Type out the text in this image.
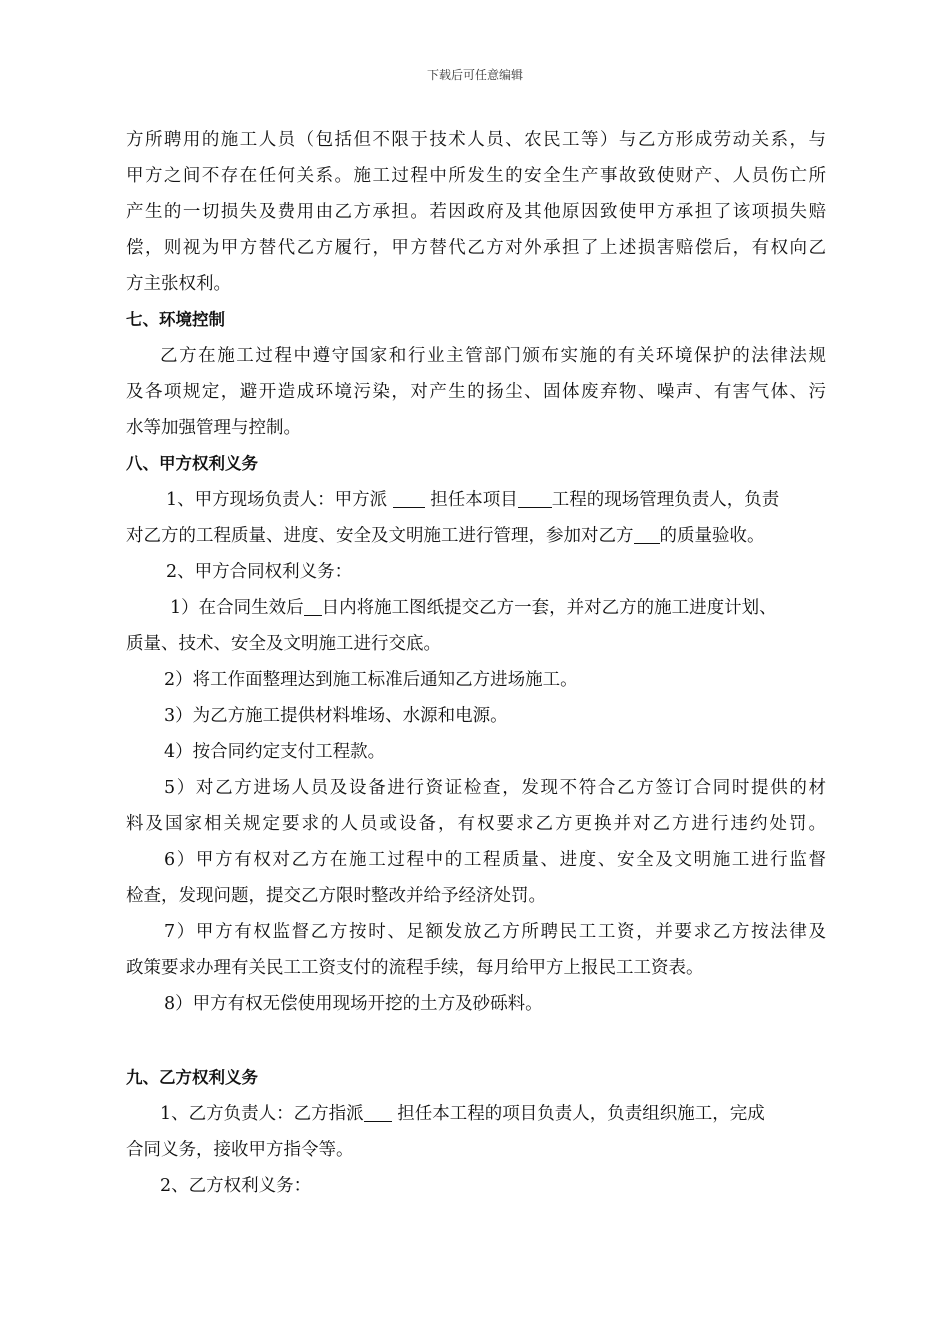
下载后可任意编辑
方所聘用的施工人员（包括但不限于技术人员、农民工等）与乙方形成劳动关系，与
甲方之间不存在任何关系。施工过程中所发生的安全生产事故致使财产、人员伤亡所
产生的一切损失及费用由乙方承担。若因政府及其他原因致使甲方承担了该项损失赔
偿，则视为甲方替代乙方履行，甲方替代乙方对外承担了上述损害赔偿后，有权向乙
方主张权利。
七、环境控制
乙方在施工过程中遵守国家和行业主管部门颁布实施的有关环境保护的法律法规
及各项规定，避开造成环境污染，对产生的扬尘、固体废弃物、噪声、有害气体、污
水等加强管理与控制。
八、甲方权利义务
1、甲方现场负责人：甲方派 担任本项目 工程的现场管理负责人，负责
对乙方的工程质量、进度、安全及文明施工进行管理，参加对乙方 的质量验收。
2、甲方合同权利义务：
1）在合同生效后 日内将施工图纸提交乙方一套，并对乙方的施工进度计划、
质量、技术、安全及文明施工进行交底。
2）将工作面整理达到施工标准后通知乙方进场施工。
3）为乙方施工提供材料堆场、水源和电源。
4）按合同约定支付工程款。
5）对乙方进场人员及设备进行资证检查，发现不符合乙方签订合同时提供的材
料及国家相关规定要求的人员或设备，有权要求乙方更换并对乙方进行违约处罚。
6）甲方有权对乙方在施工过程中的工程质量、进度、安全及文明施工进行监督
检查，发现问题，提交乙方限时整改并给予经济处罚。
7）甲方有权监督乙方按时、足额发放乙方所聘民工工资，并要求乙方按法律及
政策要求办理有关民工工资支付的流程手续，每月给甲方上报民工工资表。
8）甲方有权无偿使用现场开挖的土方及砂砾料。
九、乙方权利义务
1、乙方负责人：乙方指派 担任本工程的项目负责人，负责组织施工，完成
合同义务，接收甲方指令等。
2、乙方权利义务：
